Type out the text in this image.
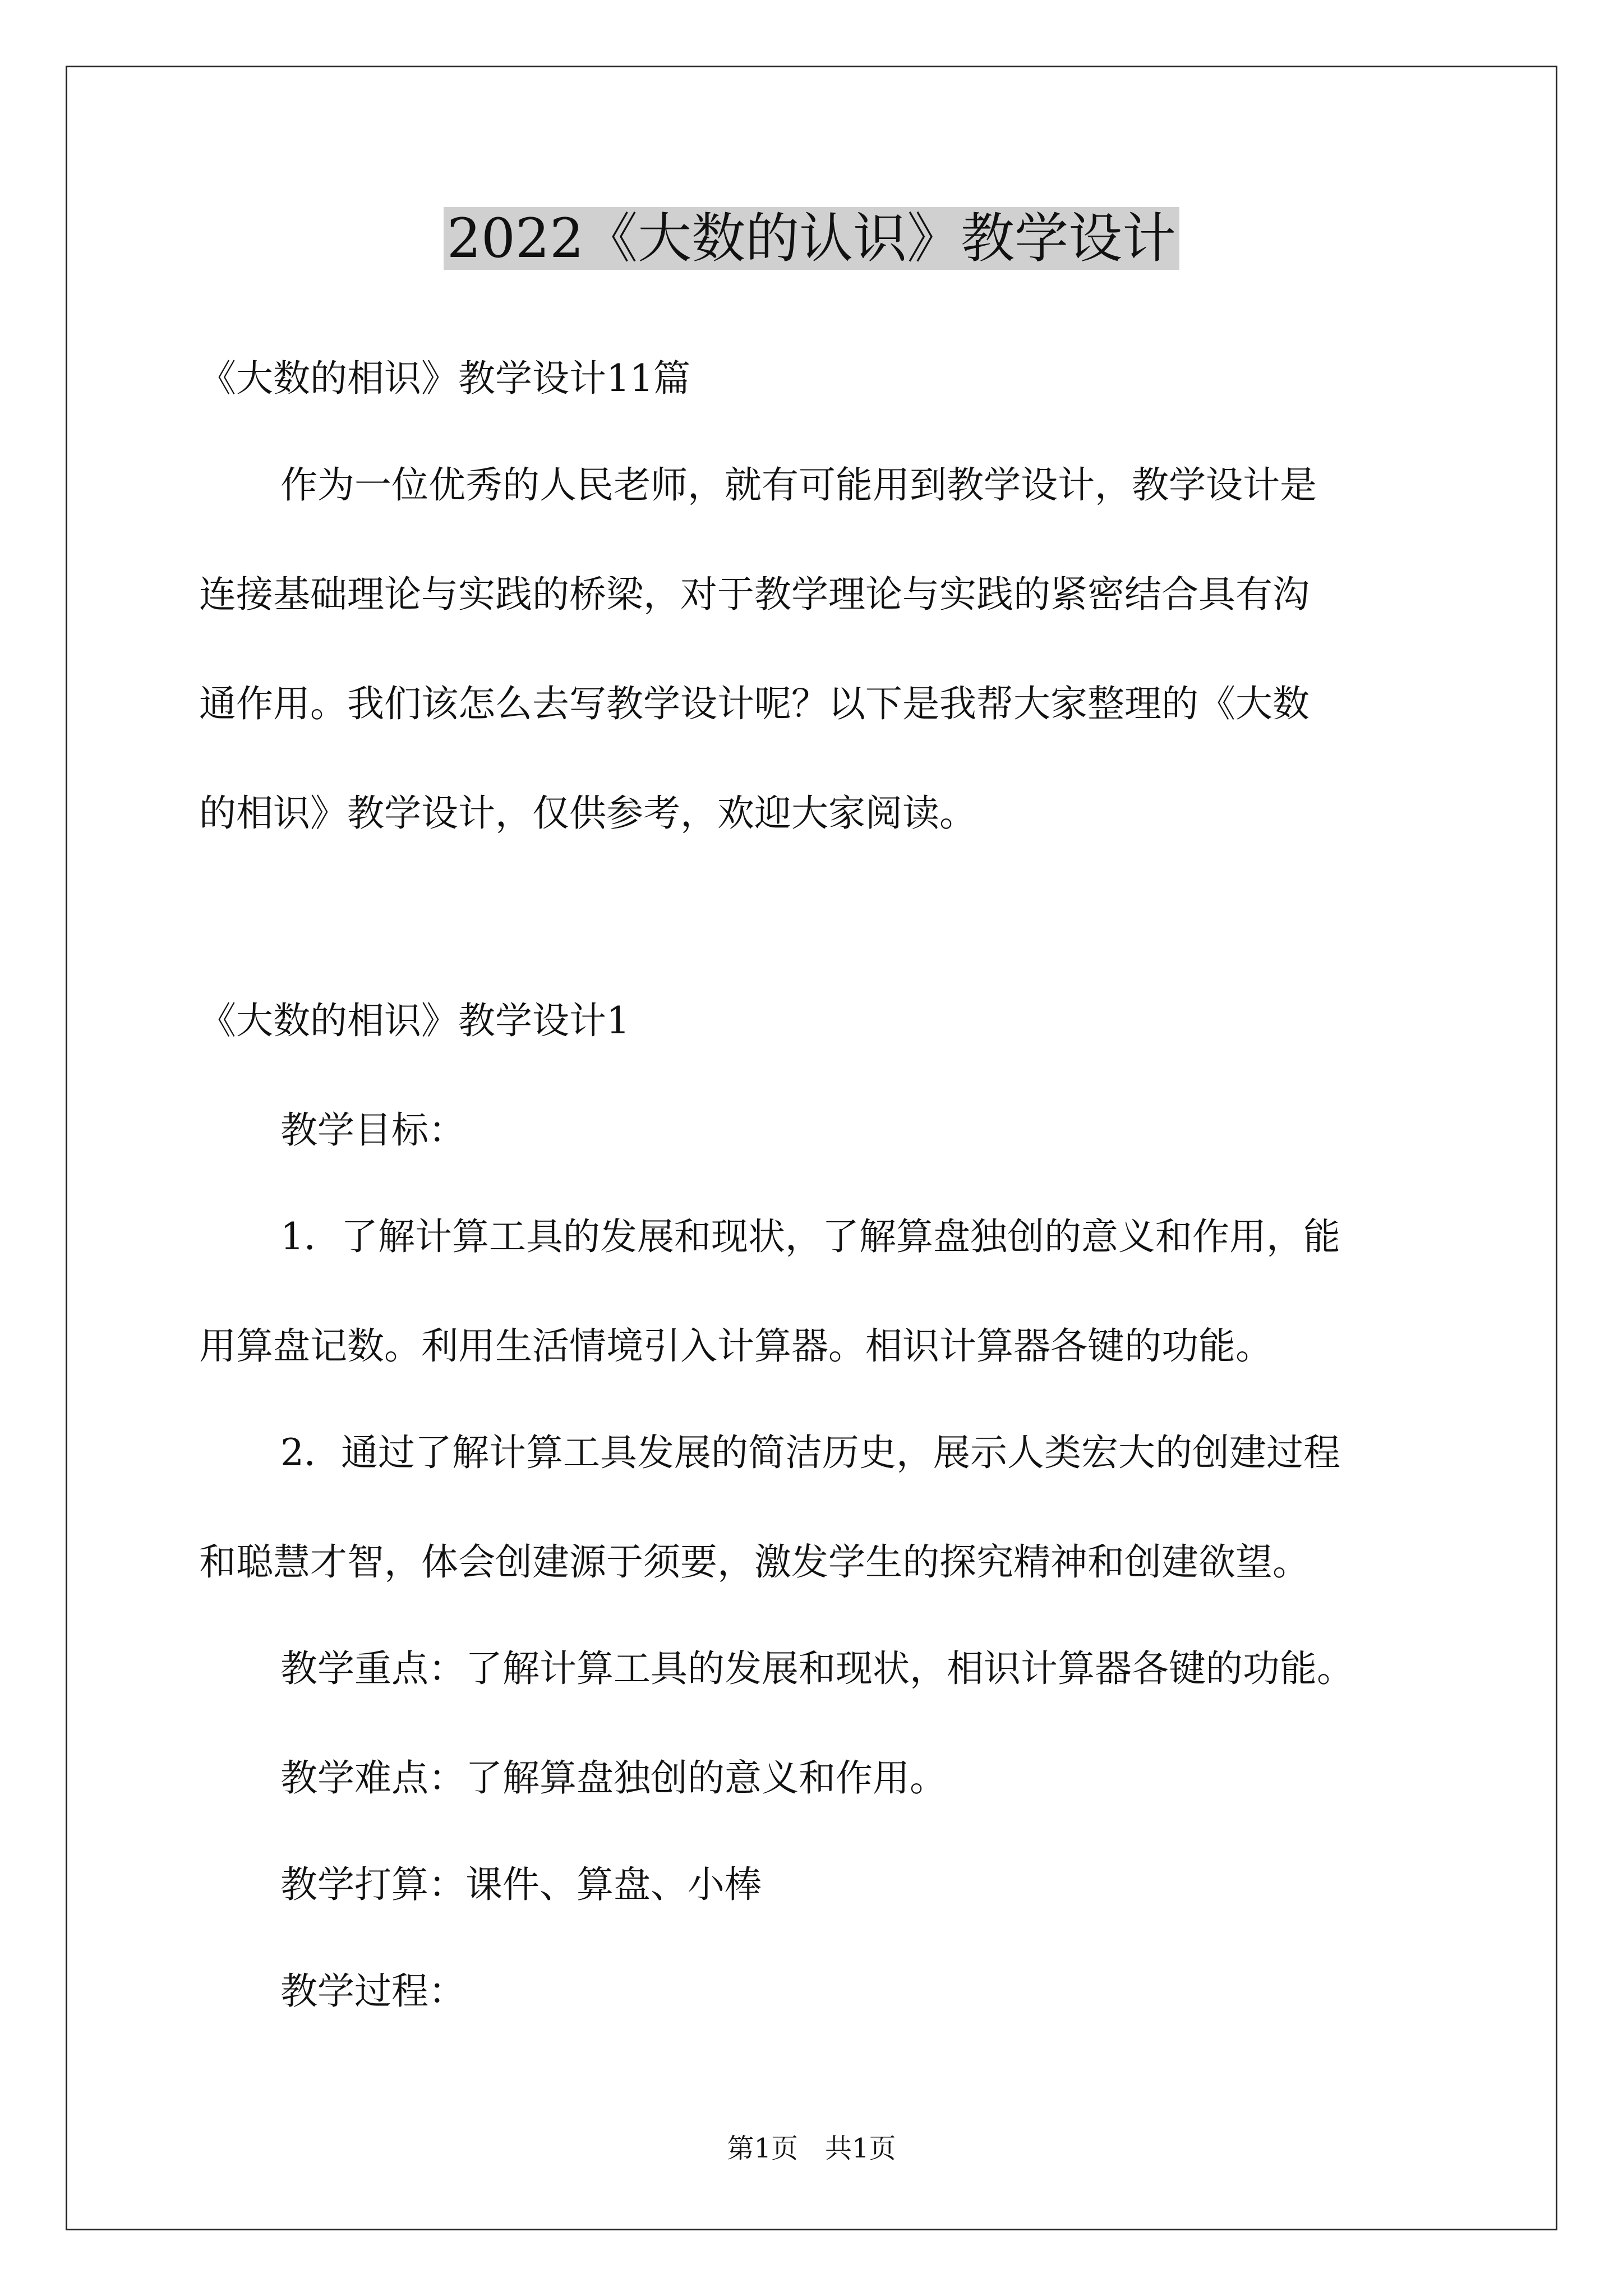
2022《大数的认识》教学设计
《大数的相识》教学设计11篇
作为一位优秀的人民老师，就有可能用到教学设计，教学设计是
连接基础理论与实践的桥梁，对于教学理论与实践的紧密结合具有沟
通作用。我们该怎么去写教学设计呢？以下是我帮大家整理的《大数
的相识》教学设计，仅供参考，欢迎大家阅读。
《大数的相识》教学设计1
教学目标：
1．了解计算工具的发展和现状，了解算盘独创的意义和作用，能
用算盘记数。利用生活情境引入计算器。相识计算器各键的功能。
2．通过了解计算工具发展的简洁历史，展示人类宏大的创建过程
和聪慧才智，体会创建源于须要，激发学生的探究精神和创建欲望。
教学重点：了解计算工具的发展和现状，相识计算器各键的功能。
教学难点：了解算盘独创的意义和作用。
教学打算：课件、算盘、小棒
教学过程：
第1页　共1页
